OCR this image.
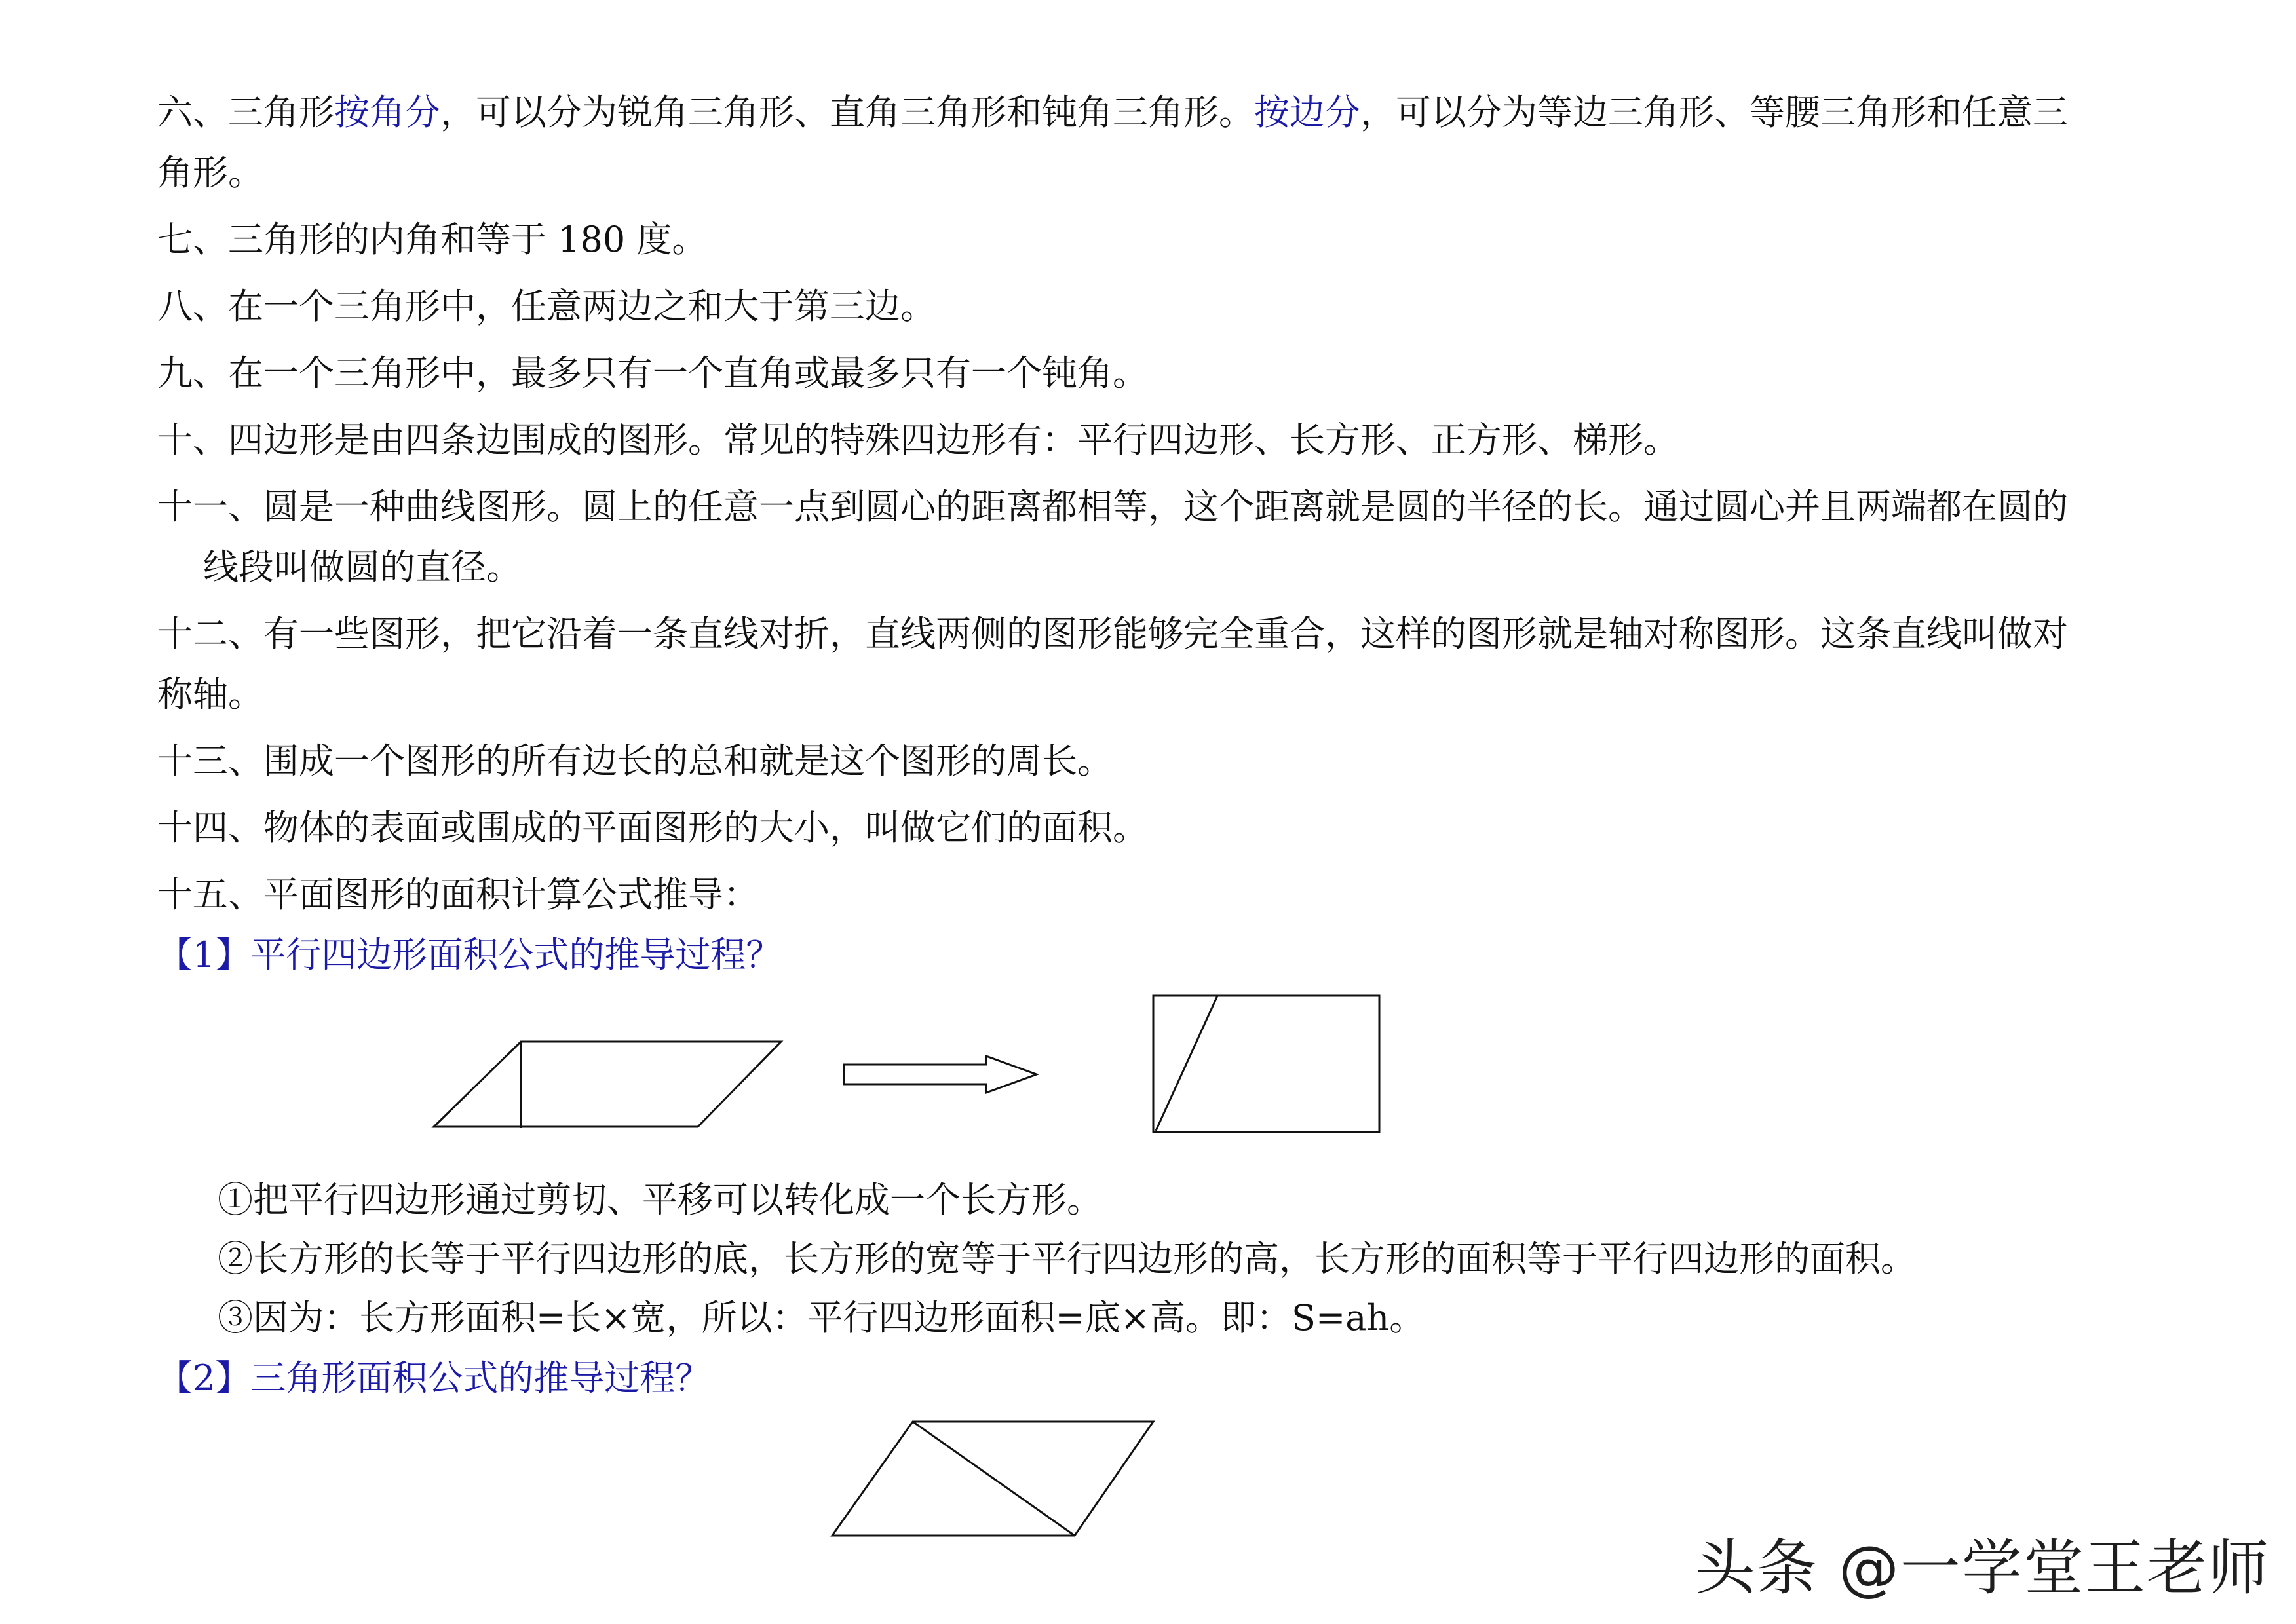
六、三角形按角分，可以分为锐角三角形、直角三角形和钝角三角形。按边分，可以分为等边三角形、等腰三角形和任意三
角形。
七、三角形的内角和等于 180 度。
八、在一个三角形中，任意两边之和大于第三边。
九、在一个三角形中，最多只有一个直角或最多只有一个钝角。
十、四边形是由四条边围成的图形。常见的特殊四边形有：平行四边形、长方形、正方形、梯形。
十一、圆是一种曲线图形。圆上的任意一点到圆心的距离都相等，这个距离就是圆的半径的长。通过圆心并且两端都在圆的
线段叫做圆的直径。
十二、有一些图形，把它沿着一条直线对折，直线两侧的图形能够完全重合，这样的图形就是轴对称图形。这条直线叫做对
称轴。
十三、围成一个图形的所有边长的总和就是这个图形的周长。
十四、物体的表面或围成的平面图形的大小，叫做它们的面积。
十五、平面图形的面积计算公式推导：
【1】平行四边形面积公式的推导过程？
①把平行四边形通过剪切、平移可以转化成一个长方形。
②长方形的长等于平行四边形的底，长方形的宽等于平行四边形的高，长方形的面积等于平行四边形的面积。
③因为：长方形面积=长×宽，所以：平行四边形面积=底×高。即：S=ah。
【2】三角形面积公式的推导过程？
头条 @一学堂王老师
